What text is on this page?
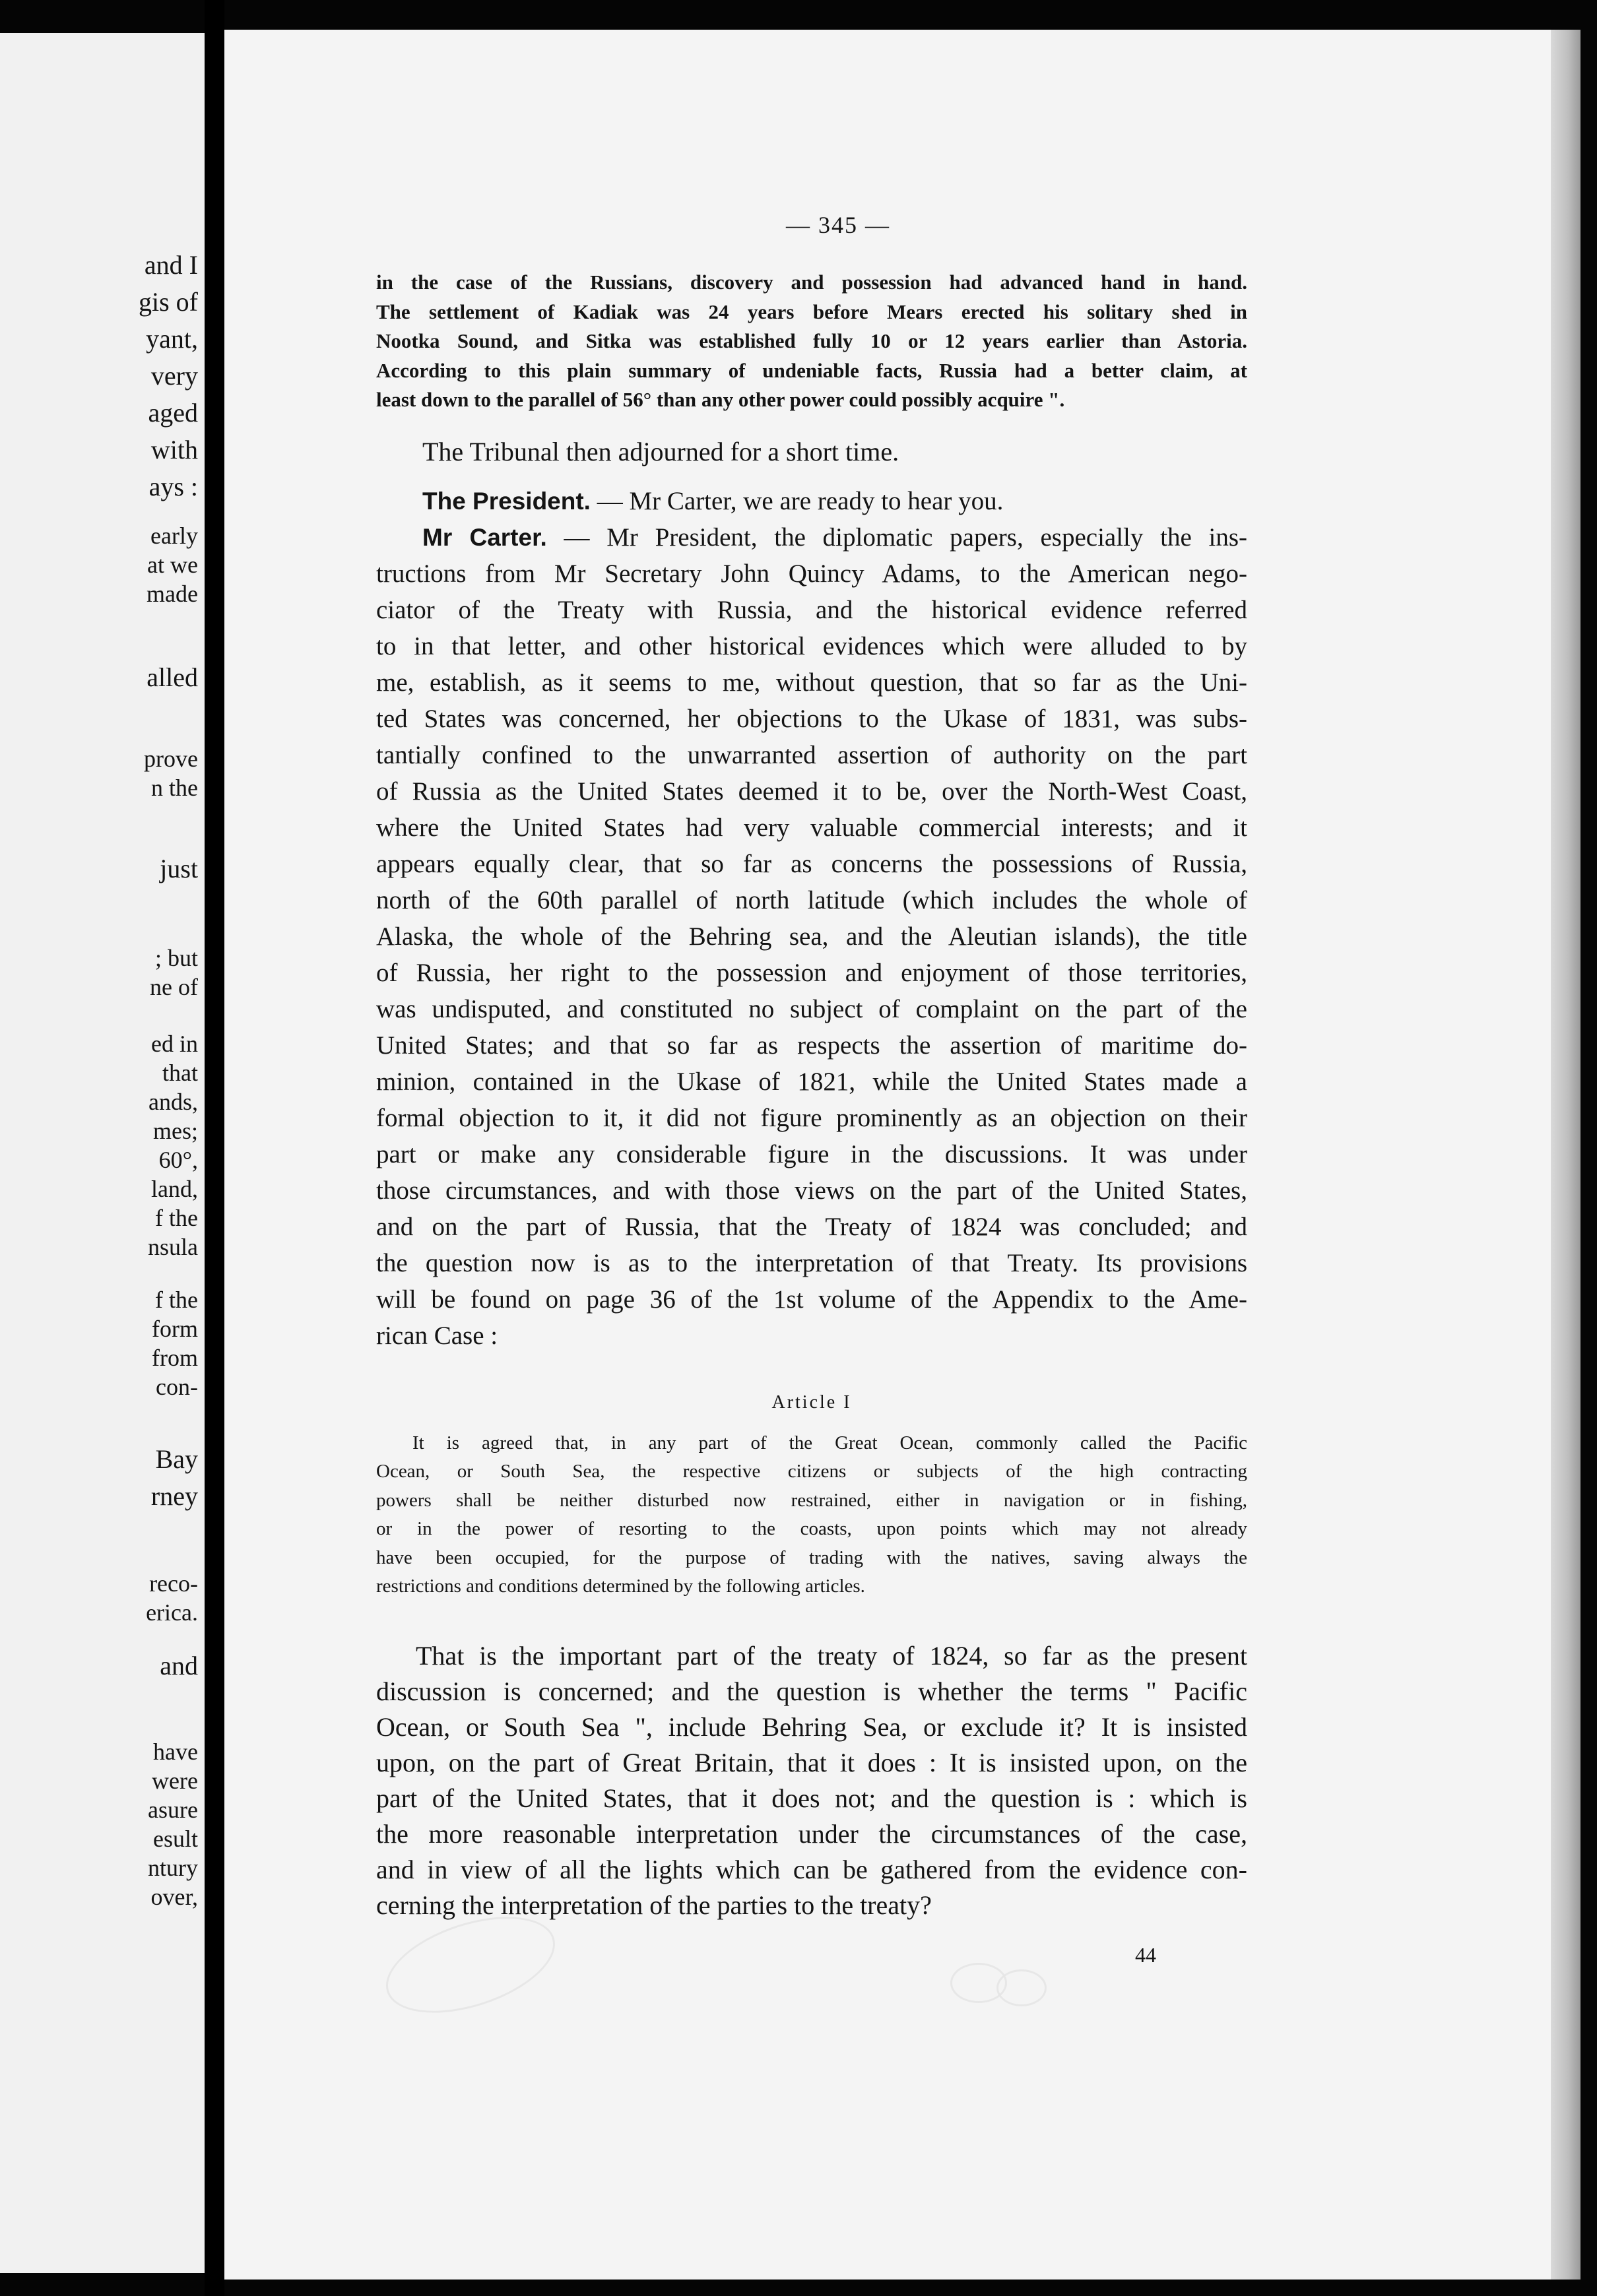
and I
gis of
yant,
very
aged
with
ays :
early
at we
made
alled
prove
n the
just
; but
ne of
ed in
that
ands,
mes;
60°,
land,
f the
nsula
f the
form
from
con-
Bay
rney
reco-
erica.
and
have
were
asure
esult
ntury
over,
— 345 —
in the case of the Russians, discovery and possession had advanced hand in hand.
The settlement of Kadiak was 24 years before Mears erected his solitary shed in
Nootka Sound, and Sitka was established fully 10 or 12 years earlier than Astoria.
According to this plain summary of undeniable facts, Russia had a better claim, at
least down to the parallel of 56° than any other power could possibly acquire ".

The Tribunal then adjourned for a short time.

The President. — Mr Carter, we are ready to hear you.

Mr Carter. — Mr President, the diplomatic papers, especially the ins-
tructions from Mr Secretary John Quincy Adams, to the American nego-
ciator of the Treaty with Russia, and the historical evidence referred
to in that letter, and other historical evidences which were alluded to by
me, establish, as it seems to me, without question, that so far as the Uni-
ted States was concerned, her objections to the Ukase of 1831, was subs-
tantially confined to the unwarranted assertion of authority on the part
of Russia as the United States deemed it to be, over the North-West Coast,
where the United States had very valuable commercial interests; and it
appears equally clear, that so far as concerns the possessions of Russia,
north of the 60th parallel of north latitude (which includes the whole of
Alaska, the whole of the Behring sea, and the Aleutian islands), the title
of Russia, her right to the possession and enjoyment of those territories,
was undisputed, and constituted no subject of complaint on the part of the
United States; and that so far as respects the assertion of maritime do-
minion, contained in the Ukase of 1821, while the United States made a
formal objection to it, it did not figure prominently as an objection on their
part or make any considerable figure in the discussions. It was under
those circumstances, and with those views on the part of the United States,
and on the part of Russia, that the Treaty of 1824 was concluded; and
the question now is as to the interpretation of that Treaty. Its provisions
will be found on page 36 of the 1st volume of the Appendix to the Ame-
rican Case :
Article I
It is agreed that, in any part of the Great Ocean, commonly called the Pacific
Ocean, or South Sea, the respective citizens or subjects of the high contracting
powers shall be neither disturbed now restrained, either in navigation or in fishing,
or in the power of resorting to the coasts, upon points which may not already
have been occupied, for the purpose of trading with the natives, saving always the
restrictions and conditions determined by the following articles.
That is the important part of the treaty of 1824, so far as the present
discussion is concerned; and the question is whether the terms " Pacific
Ocean, or South Sea ", include Behring Sea, or exclude it? It is insisted
upon, on the part of Great Britain, that it does : It is insisted upon, on the
part of the United States, that it does not; and the question is : which is
the more reasonable interpretation under the circumstances of the case,
and in view of all the lights which can be gathered from the evidence con-
cerning the interpretation of the parties to the treaty?
44
